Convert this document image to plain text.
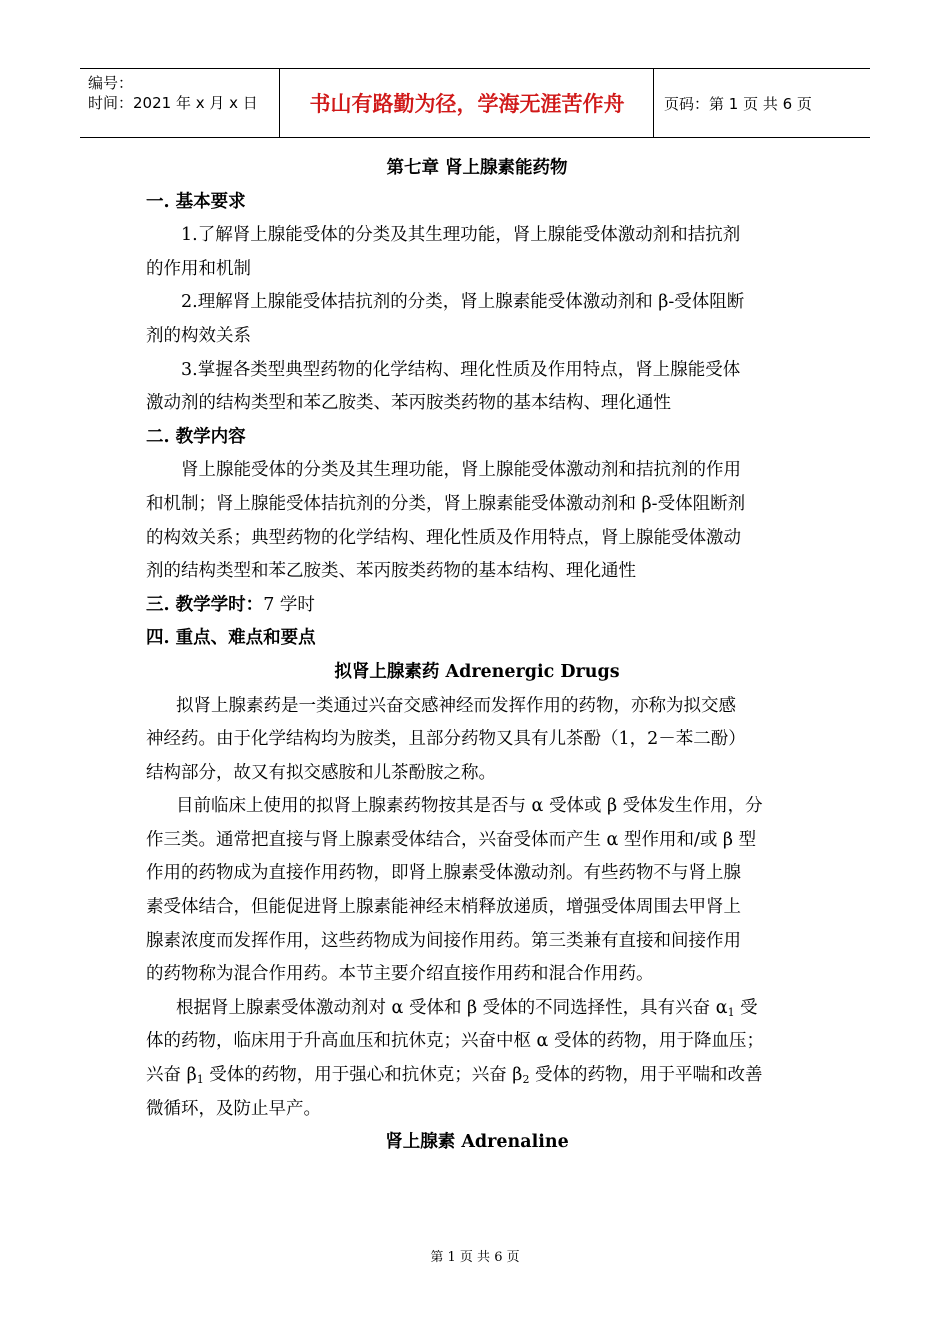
编号：
时间：2021 年 x 月 x 日	书山有路勤为径，学海无涯苦作舟	页码：第 1 页 共 6 页
第七章 肾上腺素能药物
一. 基本要求
1.了解肾上腺能受体的分类及其生理功能，肾上腺能受体激动剂和拮抗剂
的作用和机制
2.理解肾上腺能受体拮抗剂的分类，肾上腺素能受体激动剂和 β-受体阻断
剂的构效关系
3.掌握各类型典型药物的化学结构、理化性质及作用特点，肾上腺能受体
激动剂的结构类型和苯乙胺类、苯丙胺类药物的基本结构、理化通性
二. 教学内容
肾上腺能受体的分类及其生理功能，肾上腺能受体激动剂和拮抗剂的作用
和机制；肾上腺能受体拮抗剂的分类，肾上腺素能受体激动剂和 β-受体阻断剂
的构效关系；典型药物的化学结构、理化性质及作用特点，肾上腺能受体激动
剂的结构类型和苯乙胺类、苯丙胺类药物的基本结构、理化通性
三. 教学学时：7 学时
四. 重点、难点和要点
拟肾上腺素药 Adrenergic Drugs
拟肾上腺素药是一类通过兴奋交感神经而发挥作用的药物，亦称为拟交感
神经药。由于化学结构均为胺类，且部分药物又具有儿茶酚（1，2－苯二酚）
结构部分，故又有拟交感胺和儿茶酚胺之称。
目前临床上使用的拟肾上腺素药物按其是否与 α 受体或 β 受体发生作用，分
作三类。通常把直接与肾上腺素受体结合，兴奋受体而产生 α 型作用和/或 β 型
作用的药物成为直接作用药物，即肾上腺素受体激动剂。有些药物不与肾上腺
素受体结合，但能促进肾上腺素能神经末梢释放递质，增强受体周围去甲肾上
腺素浓度而发挥作用，这些药物成为间接作用药。第三类兼有直接和间接作用
的药物称为混合作用药。本节主要介绍直接作用药和混合作用药。
根据肾上腺素受体激动剂对 α 受体和 β 受体的不同选择性，具有兴奋 $\alpha_1$ 受
体的药物，临床用于升高血压和抗休克；兴奋中枢 α 受体的药物，用于降血压；
兴奋 $\beta_1$ 受体的药物，用于强心和抗休克；兴奋 $\beta_2$ 受体的药物，用于平喘和改善
微循环，及防止早产。
肾上腺素 Adrenaline
第 1 页 共 6 页
